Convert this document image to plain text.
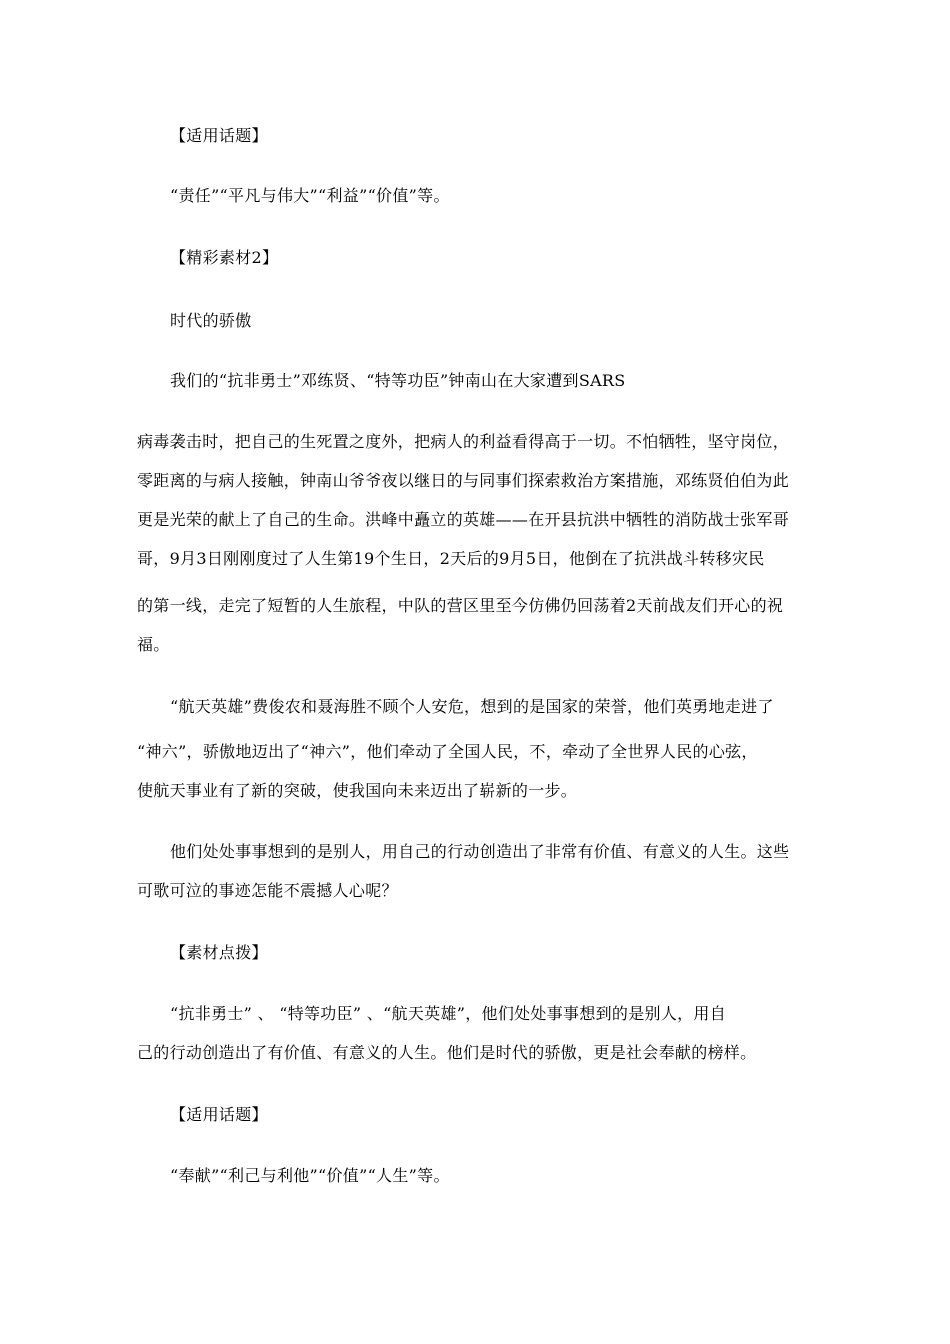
【适用话题】
“责任”“平凡与伟大”“利益”“价值”等。
【精彩素材2】
时代的骄傲
我们的“抗非勇士”邓练贤、“特等功臣”钟南山在大家遭到SARS
病毒袭击时，把自己的生死置之度外，把病人的利益看得高于一切。不怕牺牲，坚守岗位，
零距离的与病人接触，钟南山爷爷夜以继日的与同事们探索救治方案措施，邓练贤伯伯为此
更是光荣的献上了自己的生命。洪峰中矗立的英雄——在开县抗洪中牺牲的消防战士张军哥
哥，9月3日刚刚度过了人生第19个生日，2天后的9月5日，他倒在了抗洪战斗转移灾民
的第一线，走完了短暂的人生旅程，中队的营区里至今仿佛仍回荡着2天前战友们开心的祝
福。
“航天英雄”费俊农和聂海胜不顾个人安危，想到的是国家的荣誉，他们英勇地走进了
“神六”，骄傲地迈出了“神六”，他们牵动了全国人民，不，牵动了全世界人民的心弦，
使航天事业有了新的突破，使我国向未来迈出了崭新的一步。
他们处处事事想到的是别人，用自己的行动创造出了非常有价值、有意义的人生。这些
可歌可泣的事迹怎能不震撼人心呢？
【素材点拨】
“抗非勇士” 、 “特等功臣” 、“航天英雄”，他们处处事事想到的是别人，用自
己的行动创造出了有价值、有意义的人生。他们是时代的骄傲，更是社会奉献的榜样。
【适用话题】
“奉献”“利己与利他”“价值”“人生”等。
